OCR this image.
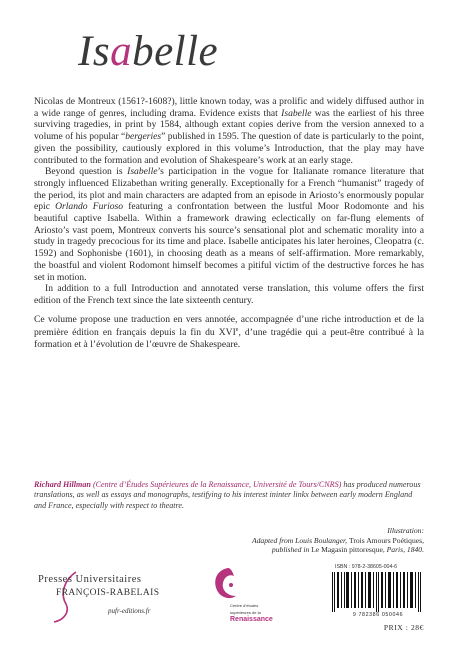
Isabelle

Nicolas de Montreux (1561?-1608?), little known today, was a prolific and widely diffused author in a wide range of genres, including drama. Evidence exists that Isabelle was the earliest of his three surviving tragedies, in print by 1584, although extant copies derive from the version annexed to a volume of his popular “bergeries” published in 1595. The question of date is particularly to the point, given the possibility, cautiously explored in this volume’s Introduction, that the play may have contributed to the formation and evolution of Shakespeare’s work at an early stage.

Beyond question is Isabelle’s participation in the vogue for Italianate romance literature that strongly influenced Elizabethan writing generally. Exceptionally for a French “humanist” tragedy of the period, its plot and main characters are adapted from an episode in Ariosto’s enormously popular epic Orlando Furioso featuring a confrontation between the lustful Moor Rodomonte and his beautiful captive Isabella. Within a framework drawing eclectically on far-flung elements of Ariosto’s vast poem, Montreux converts his source’s sensational plot and schematic morality into a study in tragedy precocious for its time and place. Isabelle anticipates his later heroines, Cleopatra (c. 1592) and Sophonisbe (1601), in choosing death as a means of self-affirmation. More remarkably, the boastful and violent Rodomont himself becomes a pitiful victim of the destructive forces he has set in motion.

In addition to a full Introduction and annotated verse translation, this volume offers the first edition of the French text since the late sixteenth century.

Ce volume propose une traduction en vers annotée, accompagnée d’une riche introduction et de la première édition en français depuis la fin du XVIe, d’une tragédie qui a peut-être contribué à la formation et à l’évolution de l’œuvre de Shakespeare.

Richard Hillman (Centre d’Études Supérieures de la Renaissance, Université de Tours/CNRS) has produced numerous translations, as well as essays and monographs, testifying to his interest ininter linkx between early modern England and France, especially with respect to theatre.
Illustration:
Adapted from Louis Boulanger, Trois Amours Poétiques,
published in Le Magasin pittoresque, Paris, 1840.
Presses Universitaires
FRANÇOIS-RABELAIS
pufr-editions.fr
Centre d’études supérieures de la
Renaissance
ISBN : 978-2-38605-004-6
9 782386 050046
PRIX : 28€
